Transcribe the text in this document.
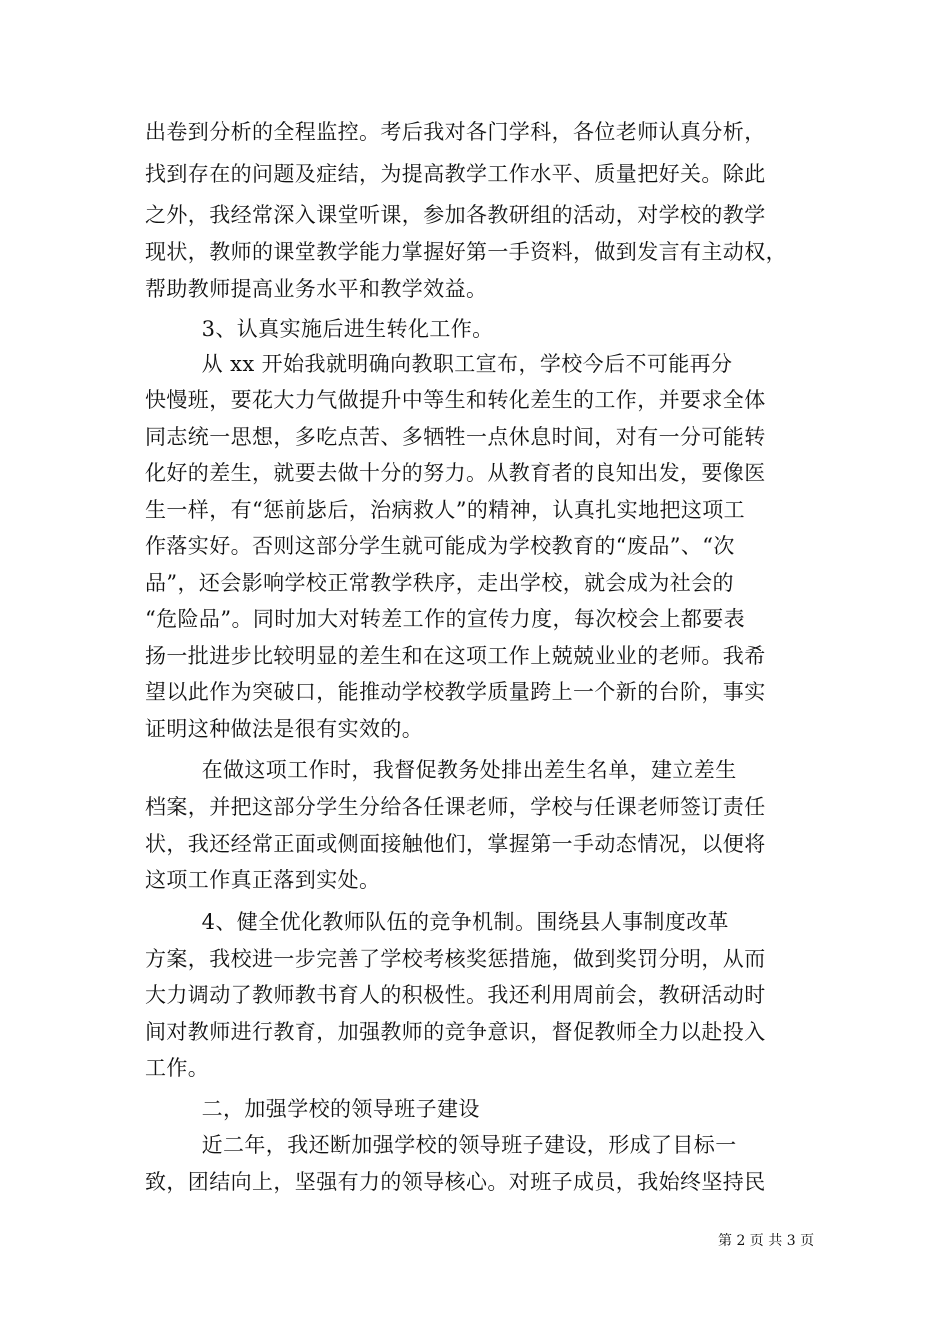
出卷到分析的全程监控。考后我对各门学科，各位老师认真分析，
找到存在的问题及症结，为提高教学工作水平、质量把好关。除此
之外，我经常深入课堂听课，参加各教研组的活动，对学校的教学
现状，教师的课堂教学能力掌握好第一手资料，做到发言有主动权，
帮助教师提高业务水平和教学效益。
3、认真实施后进生转化工作。
从 xx 开始我就明确向教职工宣布，学校今后不可能再分
快慢班，要花大力气做提升中等生和转化差生的工作，并要求全体
同志统一思想，多吃点苦、多牺牲一点休息时间，对有一分可能转
化好的差生，就要去做十分的努力。从教育者的良知出发，要像医
生一样，有“惩前毖后，治病救人”的精神，认真扎实地把这项工
作落实好。否则这部分学生就可能成为学校教育的“废品”、“次
品”，还会影响学校正常教学秩序，走出学校，就会成为社会的
“危险品”。同时加大对转差工作的宣传力度，每次校会上都要表
扬一批进步比较明显的差生和在这项工作上兢兢业业的老师。我希
望以此作为突破口，能推动学校教学质量跨上一个新的台阶，事实
证明这种做法是很有实效的。
在做这项工作时，我督促教务处排出差生名单，建立差生
档案，并把这部分学生分给各任课老师，学校与任课老师签订责任
状，我还经常正面或侧面接触他们，掌握第一手动态情况，以便将
这项工作真正落到实处。
4、健全优化教师队伍的竞争机制。围绕县人事制度改革
方案，我校进一步完善了学校考核奖惩措施，做到奖罚分明，从而
大力调动了教师教书育人的积极性。我还利用周前会，教研活动时
间对教师进行教育，加强教师的竞争意识，督促教师全力以赴投入
工作。
二，加强学校的领导班子建设
近二年，我还断加强学校的领导班子建设，形成了目标一
致，团结向上，坚强有力的领导核心。对班子成员，我始终坚持民
第 2 页 共 3 页
